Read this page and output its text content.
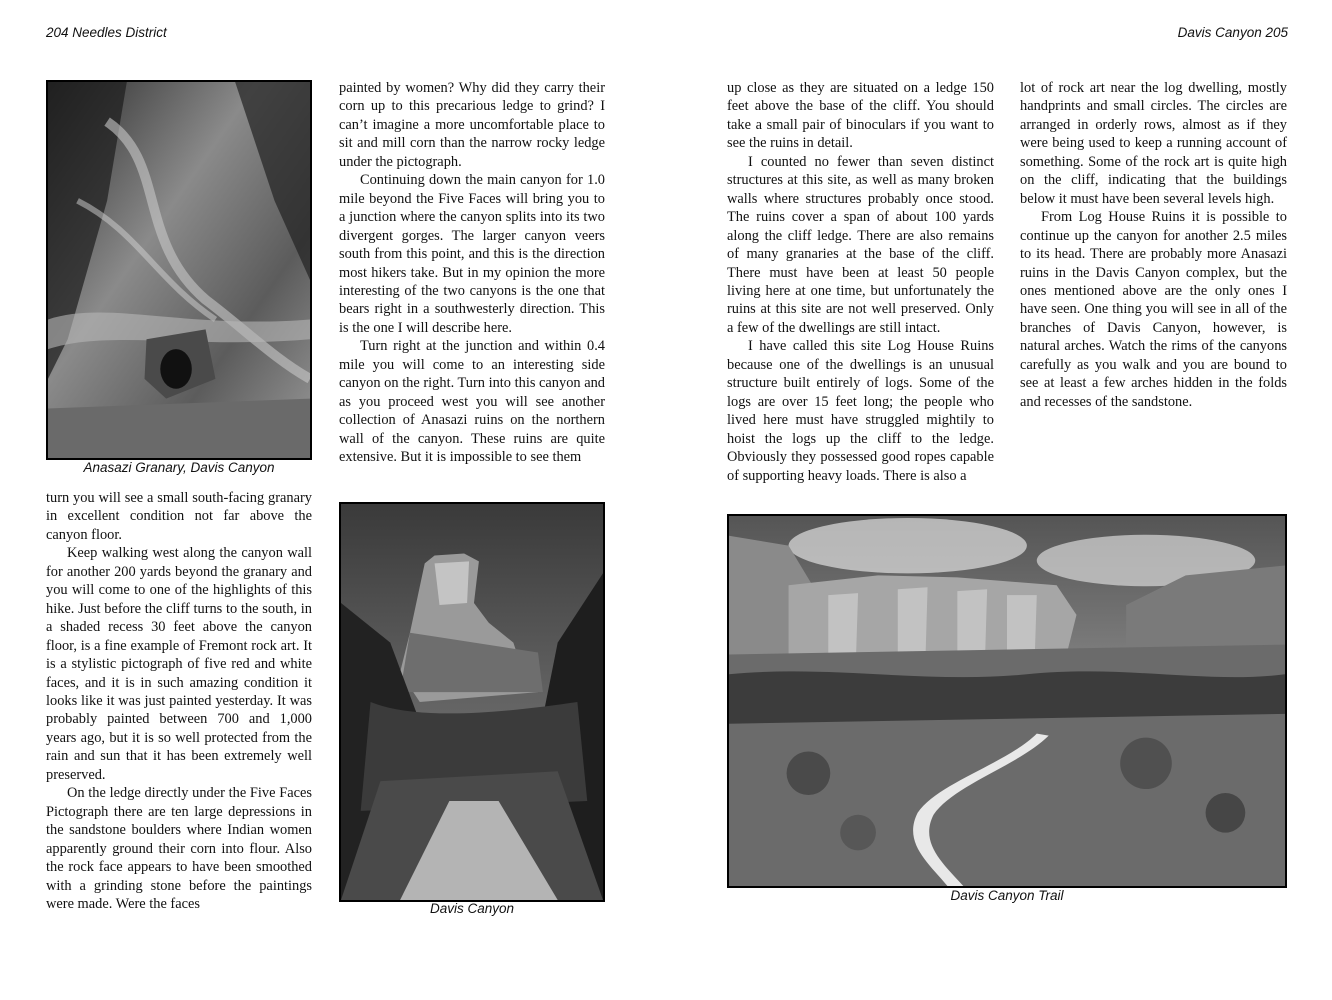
204 Needles District	Davis Canyon 205
Anasazi Granary, Davis Canyon

turn you will see a small south-facing granary in excellent condition not far above the canyon floor.

Keep walking west along the canyon wall for another 200 yards beyond the granary and you will come to one of the highlights of this hike. Just before the cliff turns to the south, in a shaded recess 30 feet above the canyon floor, is a fine example of Fremont rock art. It is a stylistic pictograph of five red and white faces, and it is in such amazing condition it looks like it was just painted yesterday. It was probably painted between 700 and 1,000 years ago, but it is so well protected from the rain and sun that it has been extremely well preserved.

On the ledge directly under the Five Faces Pictograph there are ten large depressions in the sandstone boulders where Indian women apparently ground their corn into flour. Also the rock face appears to have been smoothed with a grinding stone before the paintings were made. Were the faces

painted by women? Why did they carry their corn up to this precarious ledge to grind? I can’t imagine a more uncomfortable place to sit and mill corn than the narrow rocky ledge under the pictograph.

Continuing down the main canyon for 1.0 mile beyond the Five Faces will bring you to a junction where the canyon splits into its two divergent gorges. The larger canyon veers south from this point, and this is the direction most hikers take. But in my opinion the more interesting of the two canyons is the one that bears right in a southwesterly direction. This is the one I will describe here.

Turn right at the junction and within 0.4 mile you will come to an interesting side canyon on the right. Turn into this canyon and as you proceed west you will see another collection of Anasazi ruins on the northern wall of the canyon. These ruins are quite extensive. But it is impossible to see them

Davis Canyon

up close as they are situated on a ledge 150 feet above the base of the cliff. You should take a small pair of binoculars if you want to see the ruins in detail.

I counted no fewer than seven distinct structures at this site, as well as many broken walls where structures probably once stood. The ruins cover a span of about 100 yards along the cliff ledge. There are also remains of many granaries at the base of the cliff. There must have been at least 50 people living here at one time, but unfortunately the ruins at this site are not well preserved. Only a few of the dwellings are still intact.

I have called this site Log House Ruins because one of the dwellings is an unusual structure built entirely of logs. Some of the logs are over 15 feet long; the people who lived here must have struggled mightily to hoist the logs up the cliff to the ledge. Obviously they possessed good ropes capable of supporting heavy loads. There is also a

lot of rock art near the log dwelling, mostly handprints and small circles. The circles are arranged in orderly rows, almost as if they were being used to keep a running account of something. Some of the rock art is quite high on the cliff, indicating that the buildings below it must have been several levels high.

From Log House Ruins it is possible to continue up the canyon for another 2.5 miles to its head. There are probably more Anasazi ruins in the Davis Canyon complex, but the ones mentioned above are the only ones I have seen. One thing you will see in all of the branches of Davis Canyon, however, is natural arches. Watch the rims of the canyons carefully as you walk and you are bound to see at least a few arches hidden in the folds and recesses of the sandstone.

Davis Canyon Trail
